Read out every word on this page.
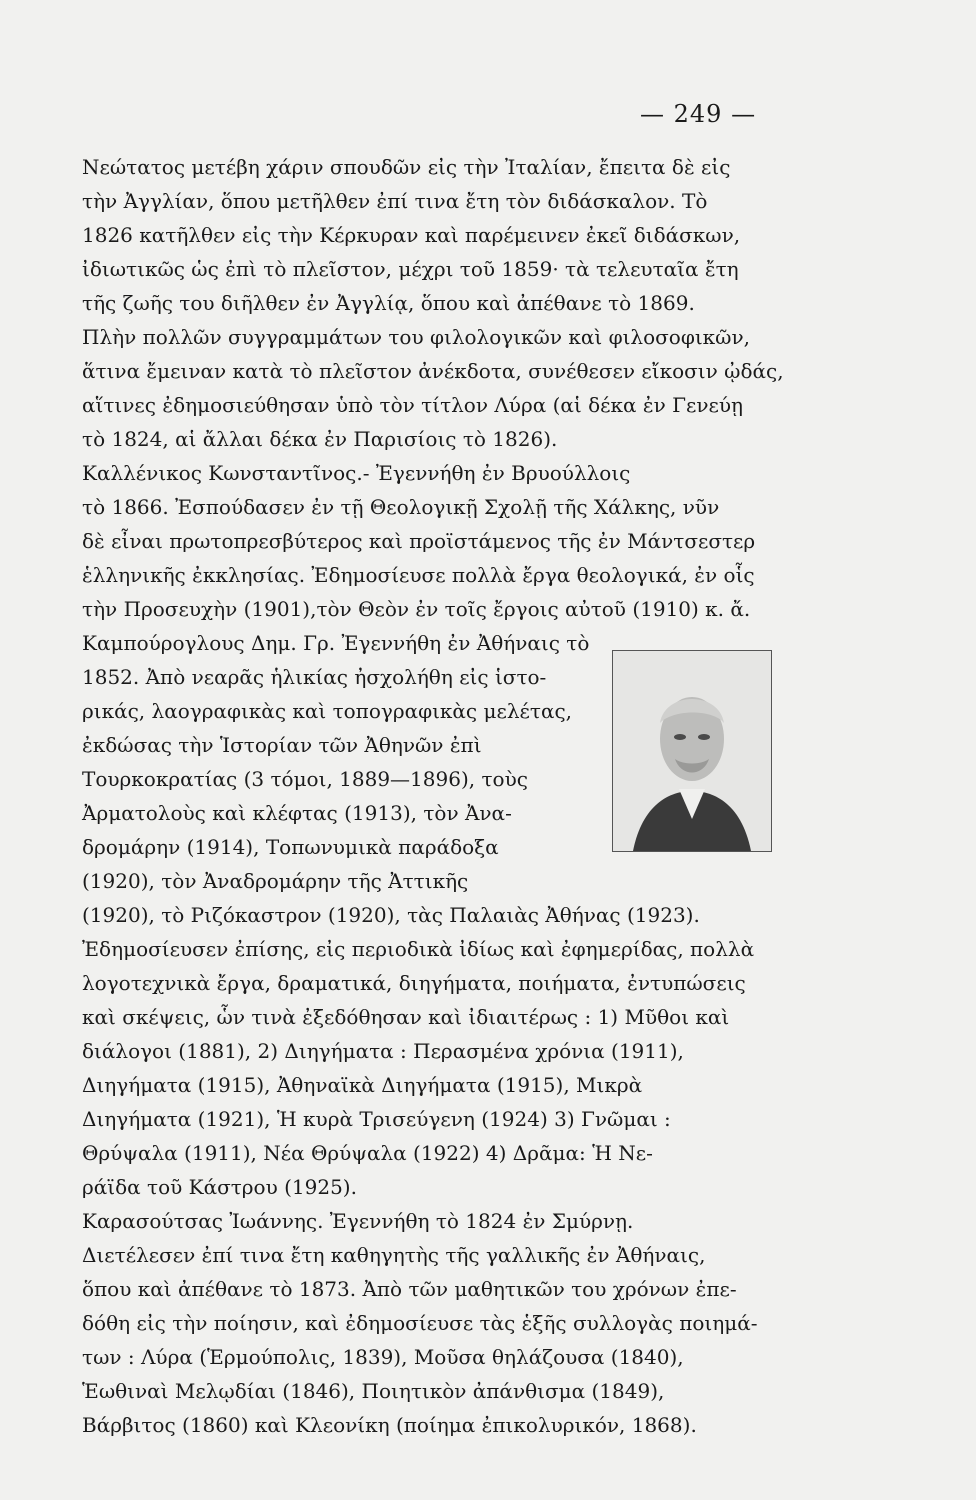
— 249 —
Νεώτατος μετέβη χάριν σπουδῶν εἰς τὴν Ἰταλίαν, ἔπειτα δὲ εἰς
τὴν Ἀγγλίαν, ὅπου μετῆλθεν ἐπί τινα ἔτη τὸν διδάσκαλον. Τὸ
1826 κατῆλθεν εἰς τὴν Κέρκυραν καὶ παρέμεινεν ἐκεῖ διδάσκων,
ἰδιωτικῶς ὡς ἐπὶ τὸ πλεῖστον, μέχρι τοῦ 1859· τὰ τελευταῖα ἔτη
τῆς ζωῆς του διῆλθεν ἐν Ἀγγλίᾳ, ὅπου καὶ ἀπέθανε τὸ 1869.
Πλὴν πολλῶν συγγραμμάτων του φιλολογικῶν καὶ φιλοσοφικῶν,
ἅτινα ἔμειναν κατὰ τὸ πλεῖστον ἀνέκδοτα, συνέθεσεν εἴκοσιν ᾠδάς,
αἵτινες ἐδημοσιεύθησαν ὑπὸ τὸν τίτλον Λύρα (αἱ δέκα ἐν Γενεύῃ
τὸ 1824, αἱ ἄλλαι δέκα ἐν Παρισίοις τὸ 1826).
Καλλένικος Κωνσταντῖνος.- Ἐγεννήθη ἐν Βρυούλλοις
τὸ 1866. Ἐσπούδασεν ἐν τῇ Θεολογικῇ Σχολῇ τῆς Χάλκης, νῦν
δὲ εἶναι πρωτοπρεσβύτερος καὶ προϊστάμενος τῆς ἐν Μάντσεστερ
ἑλληνικῆς ἐκκλησίας. Ἐδημοσίευσε πολλὰ ἔργα θεολογικά, ἐν οἷς
τὴν Προσευχὴν (1901),τὸν Θεὸν ἐν τοῖς ἔργοις αὐτοῦ (1910) κ. ἄ.
Καμπούρογλους Δημ. Γρ. Ἐγεννήθη ἐν Ἀθήναις τὸ
1852. Ἀπὸ νεαρᾶς ἡλικίας ἠσχολήθη εἰς ἱστο-
ρικάς, λαογραφικὰς καὶ τοπογραφικὰς μελέτας,
ἐκδώσας τὴν Ἱστορίαν τῶν Ἀθηνῶν ἐπὶ
Τουρκοκρατίας (3 τόμοι, 1889—1896), τοὺς
Ἀρματολοὺς καὶ κλέφτας (1913), τὸν Ἀνα-
δρομάρην (1914), Τοπωνυμικὰ παράδοξα
(1920), τὸν Ἀναδρομάρην τῆς Ἀττικῆς
(1920), τὸ Ριζόκαστρον (1920), τὰς Παλαιὰς Ἀθήνας (1923).
Ἐδημοσίευσεν ἐπίσης, εἰς περιοδικὰ ἰδίως καὶ ἐφημερίδας, πολλὰ
λογοτεχνικὰ ἔργα, δραματικά, διηγήματα, ποιήματα, ἐντυπώσεις
καὶ σκέψεις, ὧν τινὰ ἐξεδόθησαν καὶ ἰδιαιτέρως : 1) Μῦθοι καὶ
διάλογοι (1881), 2) Διηγήματα : Περασμένα χρόνια (1911),
Διηγήματα (1915), Ἀθηναϊκὰ Διηγήματα (1915), Μικρὰ
Διηγήματα (1921), Ἡ κυρὰ Τρισεύγενη (1924) 3) Γνῶμαι :
Θρύψαλα (1911), Νέα Θρύψαλα (1922) 4) Δρᾶμα: Ἡ Νε-
ράϊδα τοῦ Κάστρου (1925).
Καρασούτσας Ἰωάννης. Ἐγεννήθη τὸ 1824 ἐν Σμύρνῃ.
Διετέλεσεν ἐπί τινα ἔτη καθηγητὴς τῆς γαλλικῆς ἐν Ἀθήναις,
ὅπου καὶ ἀπέθανε τὸ 1873. Ἀπὸ τῶν μαθητικῶν του χρόνων ἐπε-
δόθη εἰς τὴν ποίησιν, καὶ ἐδημοσίευσε τὰς ἑξῆς συλλογὰς ποιημά-
των : Λύρα (Ἑρμούπολις, 1839), Μοῦσα θηλάζουσα (1840),
Ἑωθιναὶ Μελῳδίαι (1846), Ποιητικὸν ἀπάνθισμα (1849),
Βάρβιτος (1860) καὶ Κλεονίκη (ποίημα ἐπικολυρικόν, 1868).
